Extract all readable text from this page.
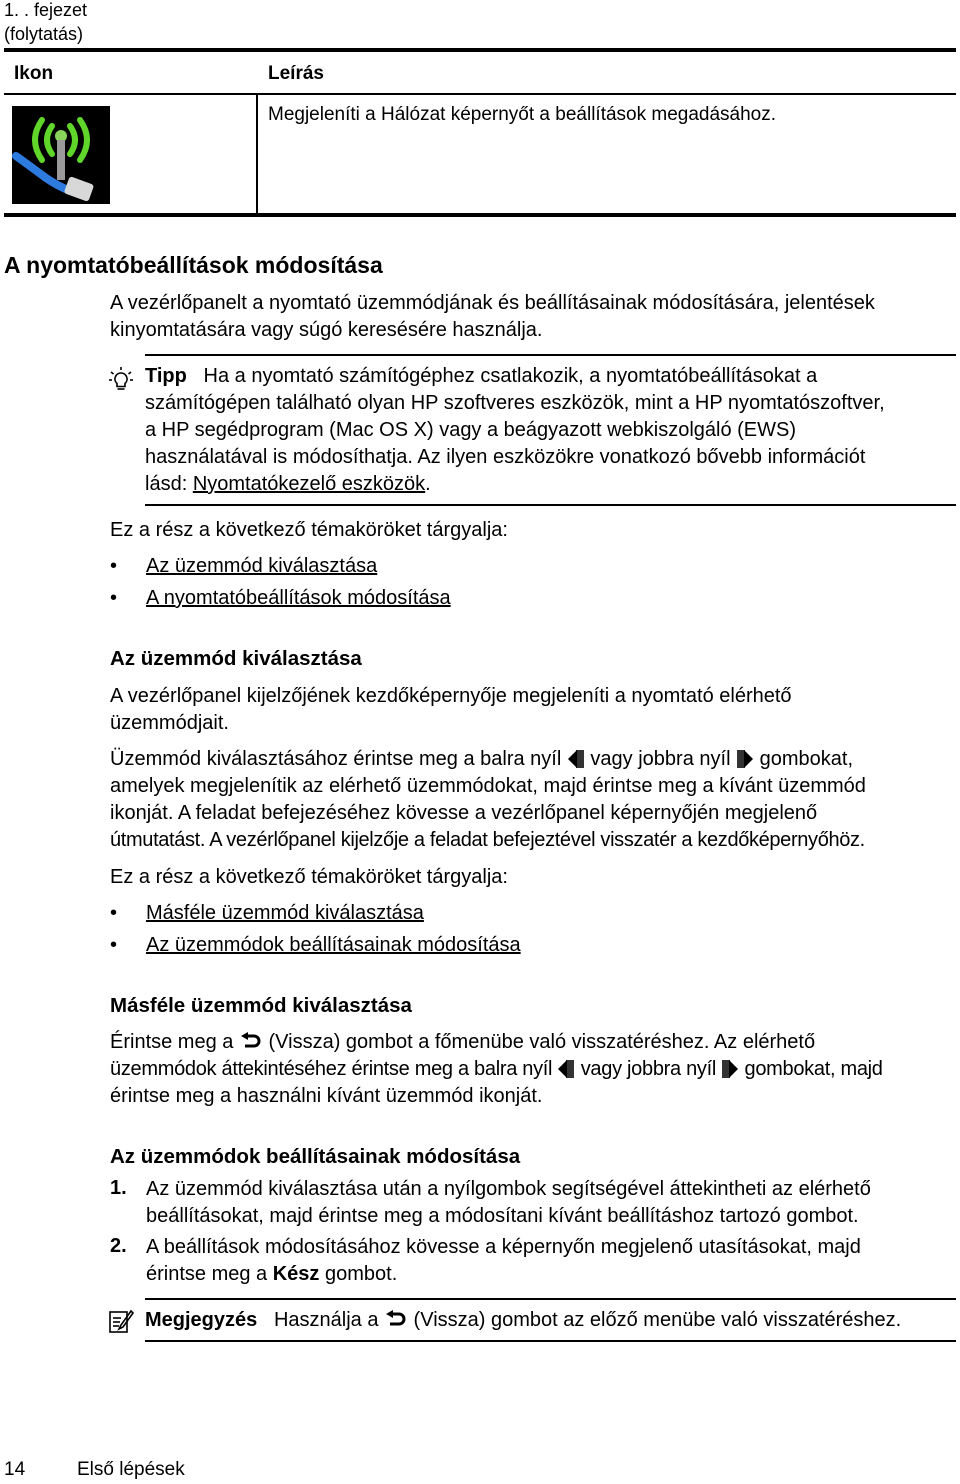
1. . fejezet
(folytatás)
Ikon	Leírás
Megjeleníti a Hálózat képernyőt a beállítások megadásához.
A nyomtatóbeállítások módosítása
A vezérlőpanelt a nyomtató üzemmódjának és beállításainak módosítására, jelentések
kinyomtatására vagy súgó keresésére használja.
Tipp Ha a nyomtató számítógéphez csatlakozik, a nyomtatóbeállításokat a
számítógépen található olyan HP szoftveres eszközök, mint a HP nyomtatószoftver,
a HP segédprogram (Mac OS X) vagy a beágyazott webkiszolgáló (EWS)
használatával is módosíthatja. Az ilyen eszközökre vonatkozó bővebb információt
lásd: Nyomtatókezelő eszközök.
Ez a rész a következő témaköröket tárgyalja:
• Az üzemmód kiválasztása
• A nyomtatóbeállítások módosítása
Az üzemmód kiválasztása
A vezérlőpanel kijelzőjének kezdőképernyője megjeleníti a nyomtató elérhető
üzemmódjait.
Üzemmód kiválasztásához érintse meg a balra nyíl  vagy jobbra nyíl  gombokat,
amelyek megjelenítik az elérhető üzemmódokat, majd érintse meg a kívánt üzemmód
ikonját. A feladat befejezéséhez kövesse a vezérlőpanel képernyőjén megjelenő
útmutatást. A vezérlőpanel kijelzője a feladat befejeztével visszatér a kezdőképernyőhöz.
Ez a rész a következő témaköröket tárgyalja:
• Másféle üzemmód kiválasztása
• Az üzemmódok beállításainak módosítása
Másféle üzemmód kiválasztása
Érintse meg a  (Vissza) gombot a főmenübe való visszatéréshez. Az elérhető
üzemmódok áttekintéséhez érintse meg a balra nyíl  vagy jobbra nyíl  gombokat, majd
érintse meg a használni kívánt üzemmód ikonját.
Az üzemmódok beállításainak módosítása
1. Az üzemmód kiválasztása után a nyílgombok segítségével áttekintheti az elérhető
beállításokat, majd érintse meg a módosítani kívánt beállításhoz tartozó gombot.
2. A beállítások módosításához kövesse a képernyőn megjelenő utasításokat, majd
érintse meg a Kész gombot.
Megjegyzés Használja a  (Vissza) gombot az előző menübe való visszatéréshez.
14	Első lépések
